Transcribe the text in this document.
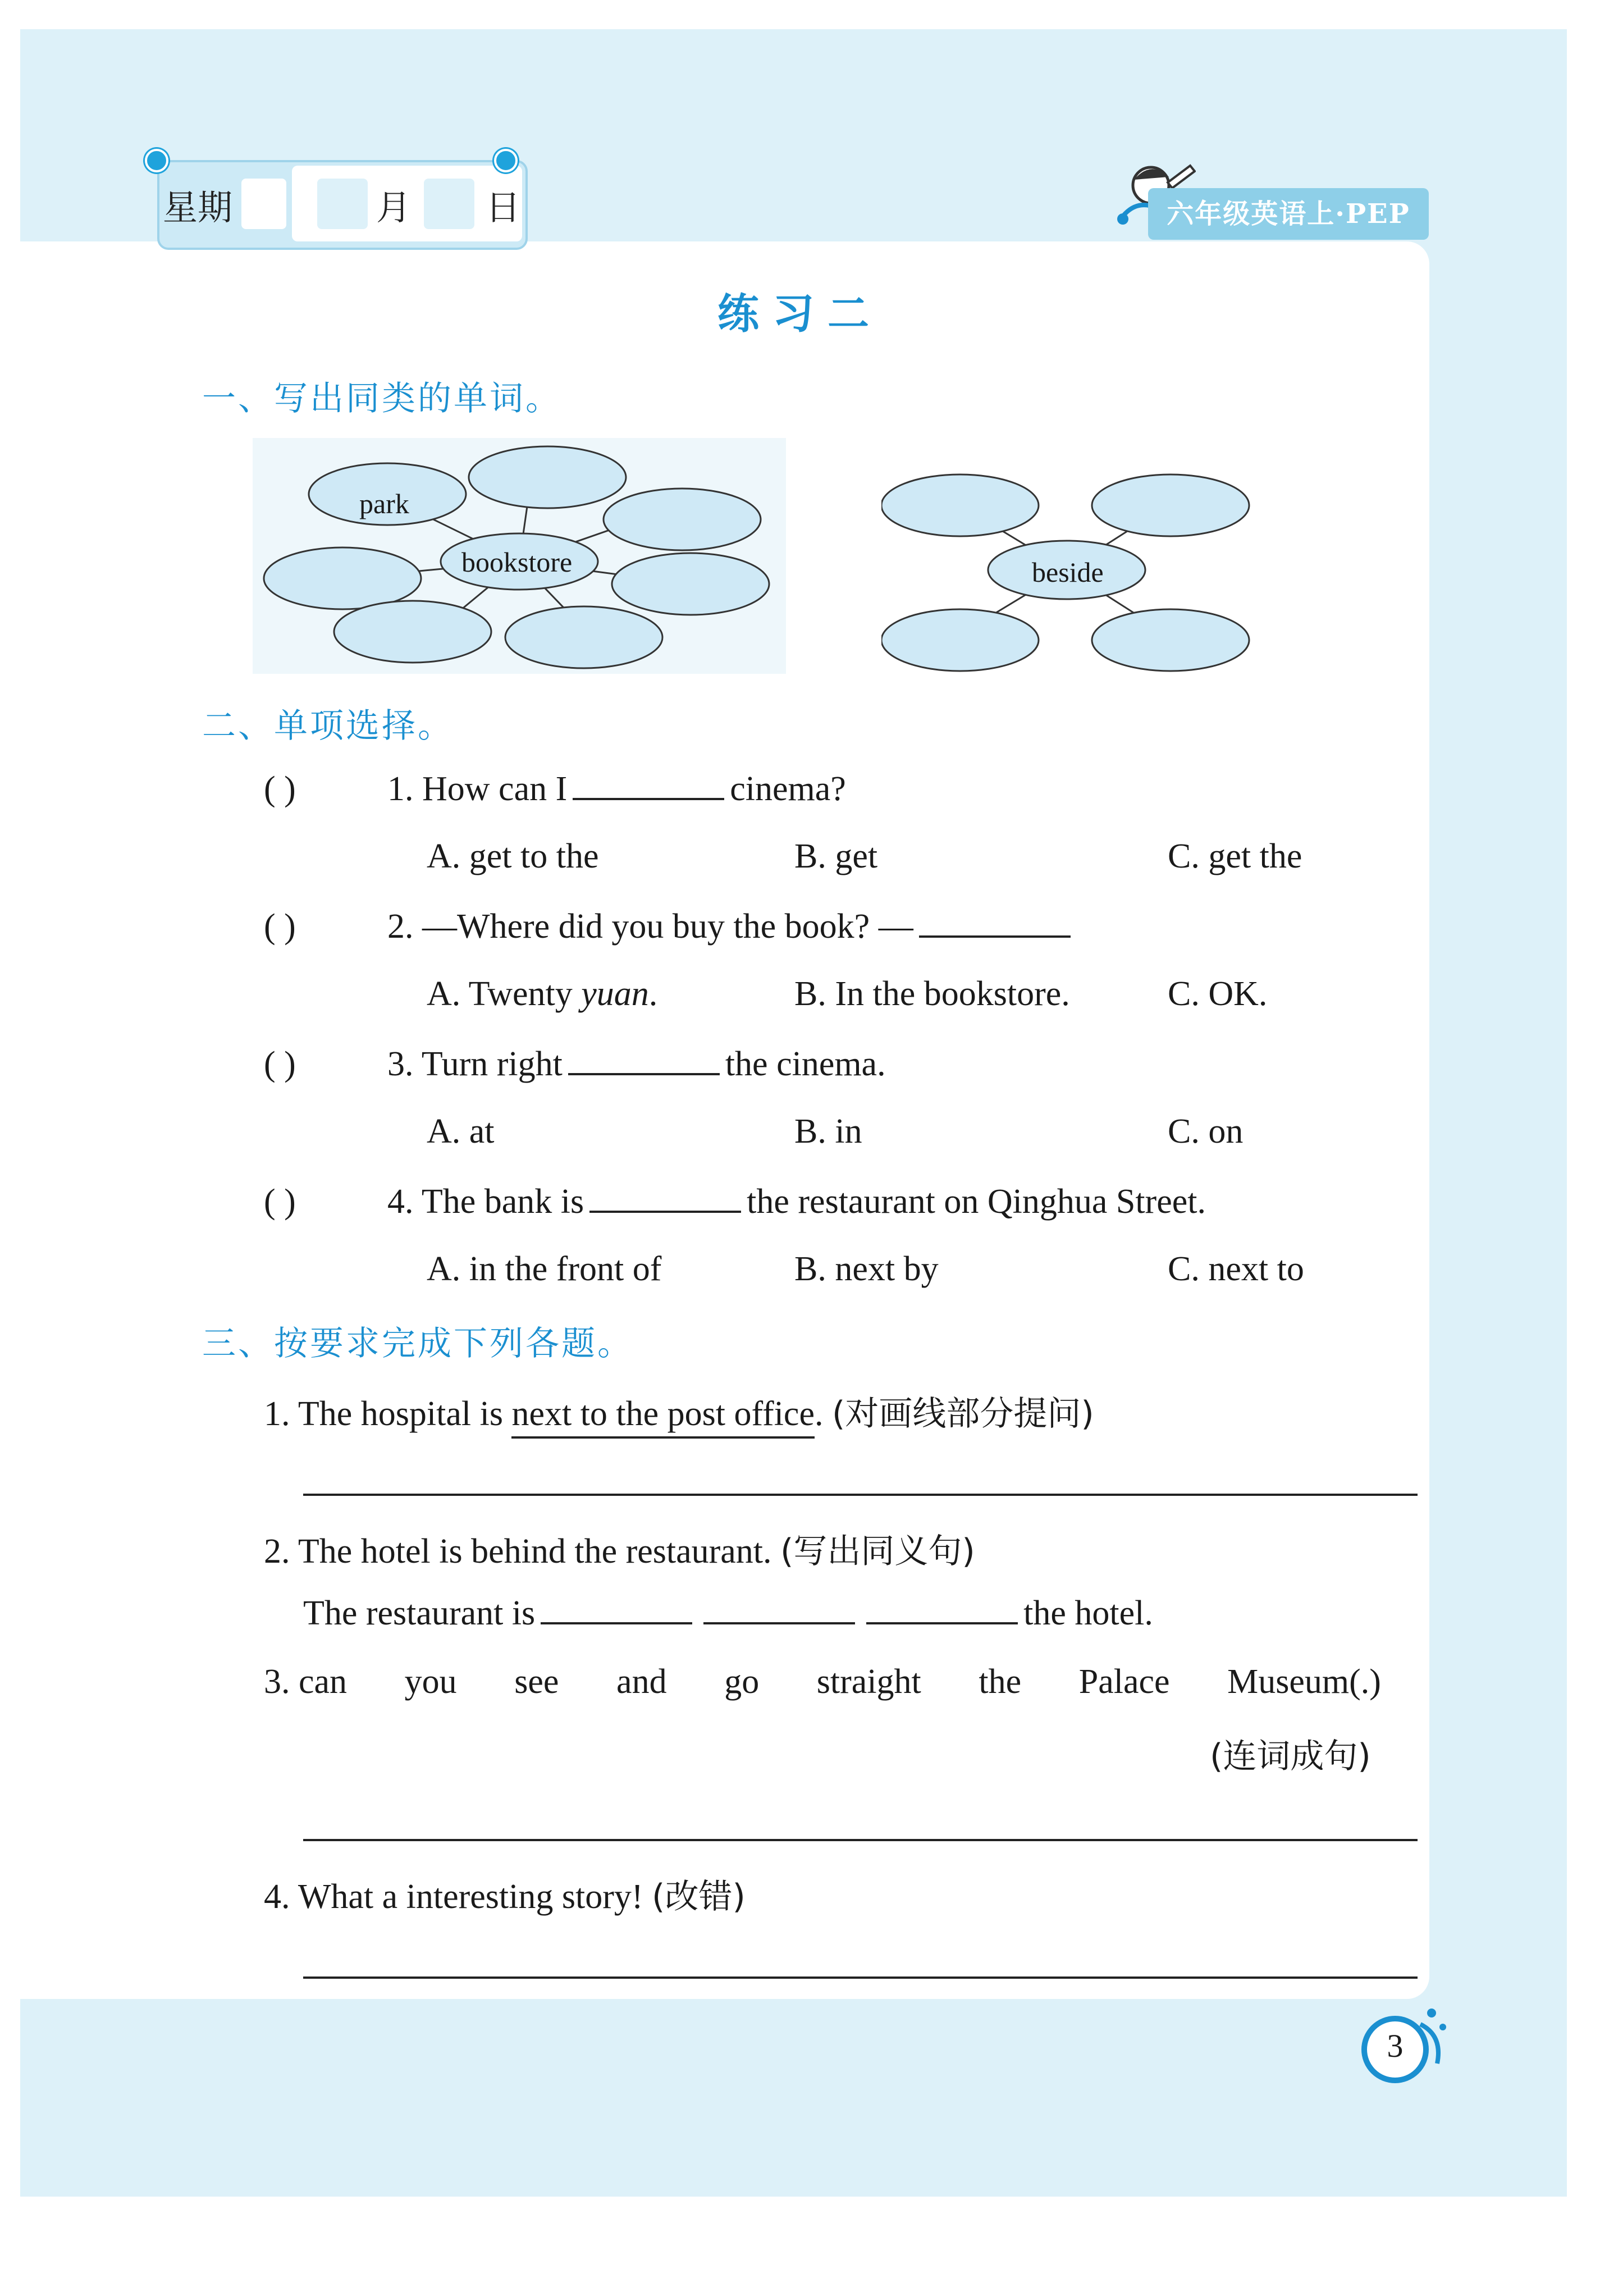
星期	月 日	六年级英语上·PEP
练习二
一、写出同类的单词。
park
bookstore	beside
二、单项选择。
( )	1. How can I	cinema?
A. get to the	B. get	C. get the
( )	2. —Where did you buy the book? —
A. Twenty yuan.	B. In the bookstore.	C. OK.
( )	3. Turn right	the cinema.
A. at	B. in	C. on
( )	4. The bank is	the restaurant on Qinghua Street.
A. in the front of	B. next by	C. next to
三、按要求完成下列各题。
1. The hospital is next to the post office. (对画线部分提问)
2. The hotel is behind the restaurant. (写出同义句)
The restaurant is	the hotel.
3. can you see and go straight the Palace Museum(.)
(连词成句)
4. What a interesting story! (改错)
3
